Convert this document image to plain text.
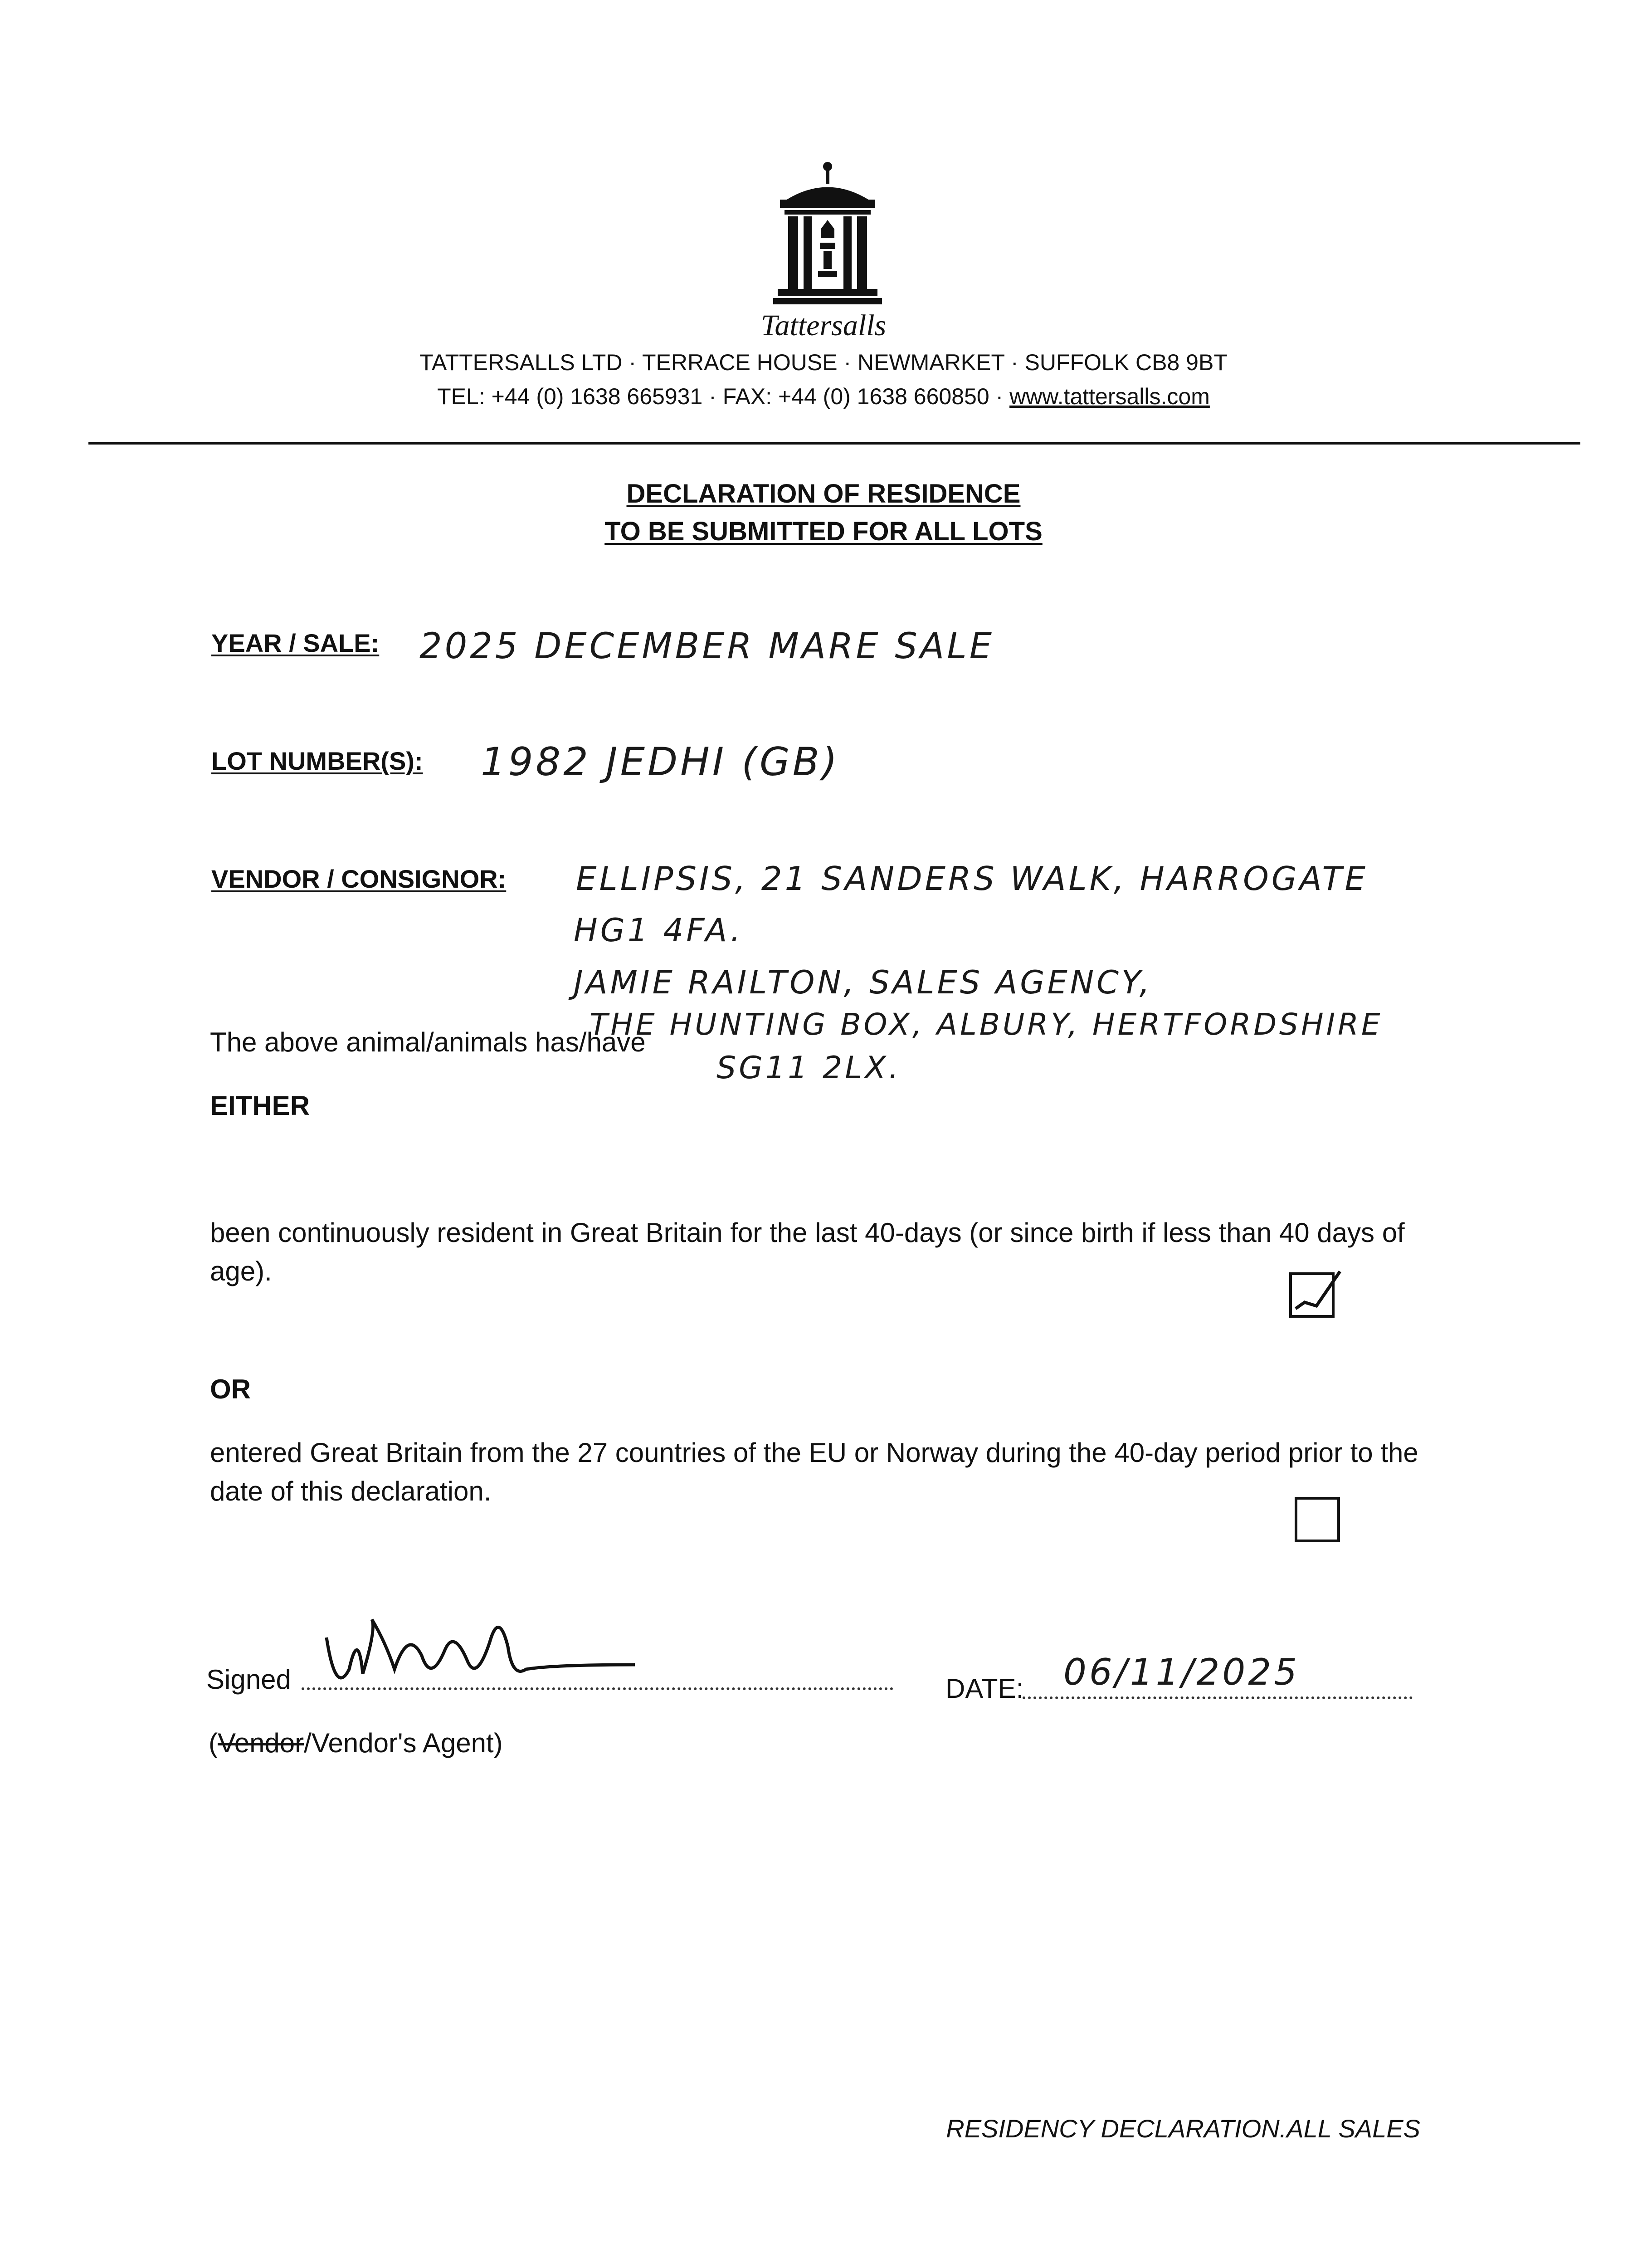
Tattersalls
TATTERSALLS LTD · TERRACE HOUSE · NEWMARKET · SUFFOLK CB8 9BT
TEL: +44 (0) 1638 665931 · FAX: +44 (0) 1638 660850 · www.tattersalls.com
DECLARATION OF RESIDENCE
TO BE SUBMITTED FOR ALL LOTS
YEAR / SALE: 2025 DECEMBER MARE SALE
LOT NUMBER(S): 1982 JEDHI (GB)
VENDOR / CONSIGNOR: ELLIPSIS, 21 SANDERS WALK, HARROGATE
HG1 4FA.
JAMIE RAILTON, SALES AGENCY,
THE HUNTING BOX, ALBURY, HERTFORDSHIRE
SG11 2LX.
The above animal/animals has/have
EITHER
been continuously resident in Great Britain for the last 40-days (or since birth if less than 40 days of age).
OR
entered Great Britain from the 27 countries of the EU or Norway during the 40-day period prior to the date of this declaration.
Signed	DATE: 06/11/2025
(Vendor/Vendor's Agent)
RESIDENCY DECLARATION.ALL SALES
